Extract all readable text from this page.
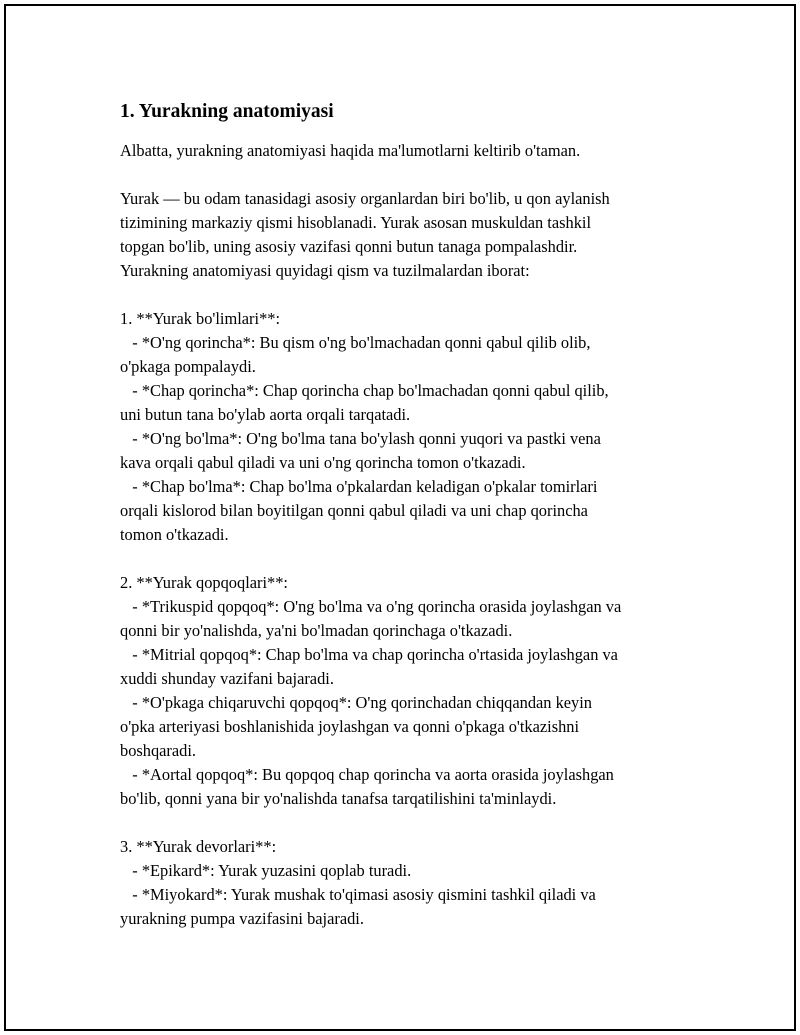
1. Yurakning anatomiyasi

Albatta, yurakning anatomiyasi haqida ma'lumotlarni keltirib o'taman.

Yurak — bu odam tanasidagi asosiy organlardan biri bo'lib, u qon aylanish
tizimining markaziy qismi hisoblanadi. Yurak asosan muskuldan tashkil
topgan bo'lib, uning asosiy vazifasi qonni butun tanaga pompalashdir.
Yurakning anatomiyasi quyidagi qism va tuzilmalardan iborat:

1. **Yurak bo'limlari**:
- *O'ng qorincha*: Bu qism o'ng bo'lmachadan qonni qabul qilib olib,
o'pkaga pompalaydi.
- *Chap qorincha*: Chap qorincha chap bo'lmachadan qonni qabul qilib,
uni butun tana bo'ylab aorta orqali tarqatadi.
- *O'ng bo'lma*: O'ng bo'lma tana bo'ylash qonni yuqori va pastki vena
kava orqali qabul qiladi va uni o'ng qorincha tomon o'tkazadi.
- *Chap bo'lma*: Chap bo'lma o'pkalardan keladigan o'pkalar tomirlari
orqali kislorod bilan boyitilgan qonni qabul qiladi va uni chap qorincha
tomon o'tkazadi.

2. **Yurak qopqoqlari**:
- *Trikuspid qopqoq*: O'ng bo'lma va o'ng qorincha orasida joylashgan va
qonni bir yo'nalishda, ya'ni bo'lmadan qorinchaga o'tkazadi.
- *Mitrial qopqoq*: Chap bo'lma va chap qorincha o'rtasida joylashgan va
xuddi shunday vazifani bajaradi.
- *O'pkaga chiqaruvchi qopqoq*: O'ng qorinchadan chiqqandan keyin
o'pka arteriyasi boshlanishida joylashgan va qonni o'pkaga o'tkazishni
boshqaradi.
- *Aortal qopqoq*: Bu qopqoq chap qorincha va aorta orasida joylashgan
bo'lib, qonni yana bir yo'nalishda tanafsa tarqatilishini ta'minlaydi.

3. **Yurak devorlari**:
- *Epikard*: Yurak yuzasini qoplab turadi.
- *Miyokard*: Yurak mushak to'qimasi asosiy qismini tashkil qiladi va
yurakning pumpa vazifasini bajaradi.
